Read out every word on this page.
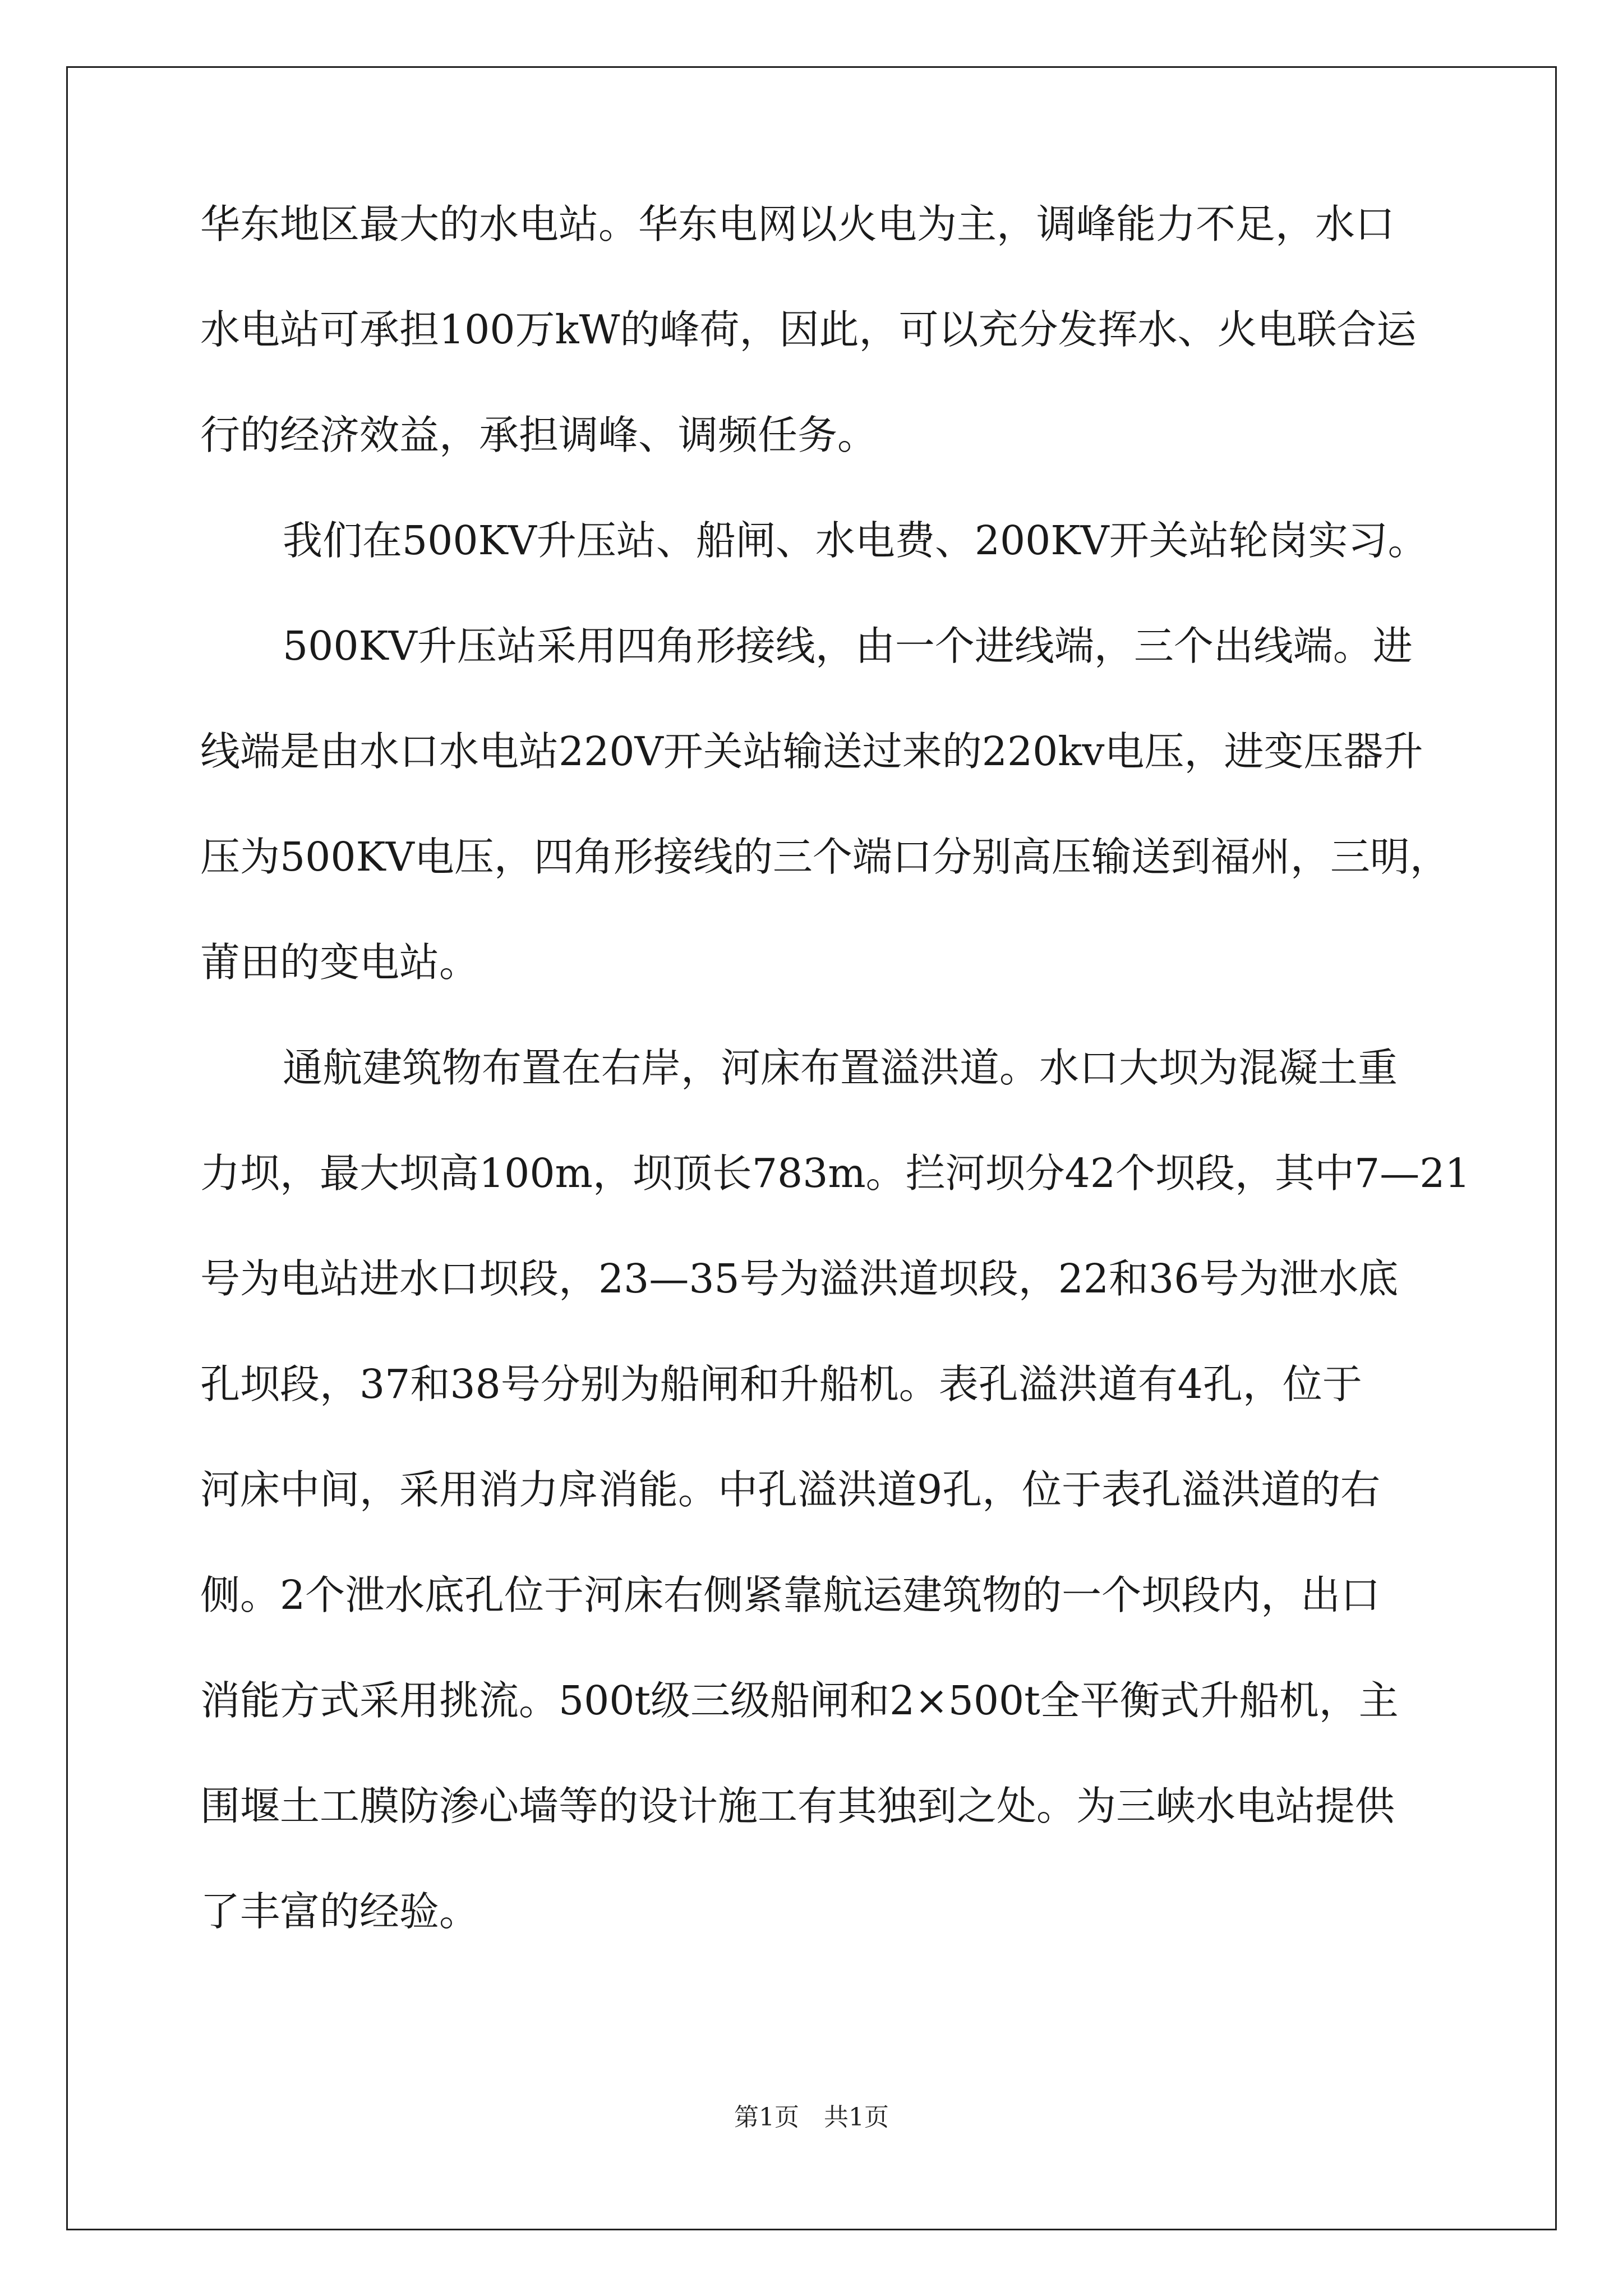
华东地区最大的水电站。华东电网以火电为主，调峰能力不足，水口
水电站可承担100万kW的峰荷，因此，可以充分发挥水、火电联合运
行的经济效益，承担调峰、调频任务。
我们在500KV升压站、船闸、水电费、200KV开关站轮岗实习。
500KV升压站采用四角形接线，由一个进线端，三个出线端。进
线端是由水口水电站220V开关站输送过来的220kv电压，进变压器升
压为500KV电压，四角形接线的三个端口分别高压输送到福州，三明，
莆田的变电站。
通航建筑物布置在右岸，河床布置溢洪道。水口大坝为混凝土重
力坝，最大坝高100m，坝顶长783m。拦河坝分42个坝段，其中7—21
号为电站进水口坝段，23—35号为溢洪道坝段，22和36号为泄水底
孔坝段，37和38号分别为船闸和升船机。表孔溢洪道有4孔，位于
河床中间，采用消力戽消能。中孔溢洪道9孔，位于表孔溢洪道的右
侧。2个泄水底孔位于河床右侧紧靠航运建筑物的一个坝段内，出口
消能方式采用挑流。500t级三级船闸和2×500t全平衡式升船机，主
围堰土工膜防渗心墙等的设计施工有其独到之处。为三峡水电站提供
了丰富的经验。
第1页　共1页
